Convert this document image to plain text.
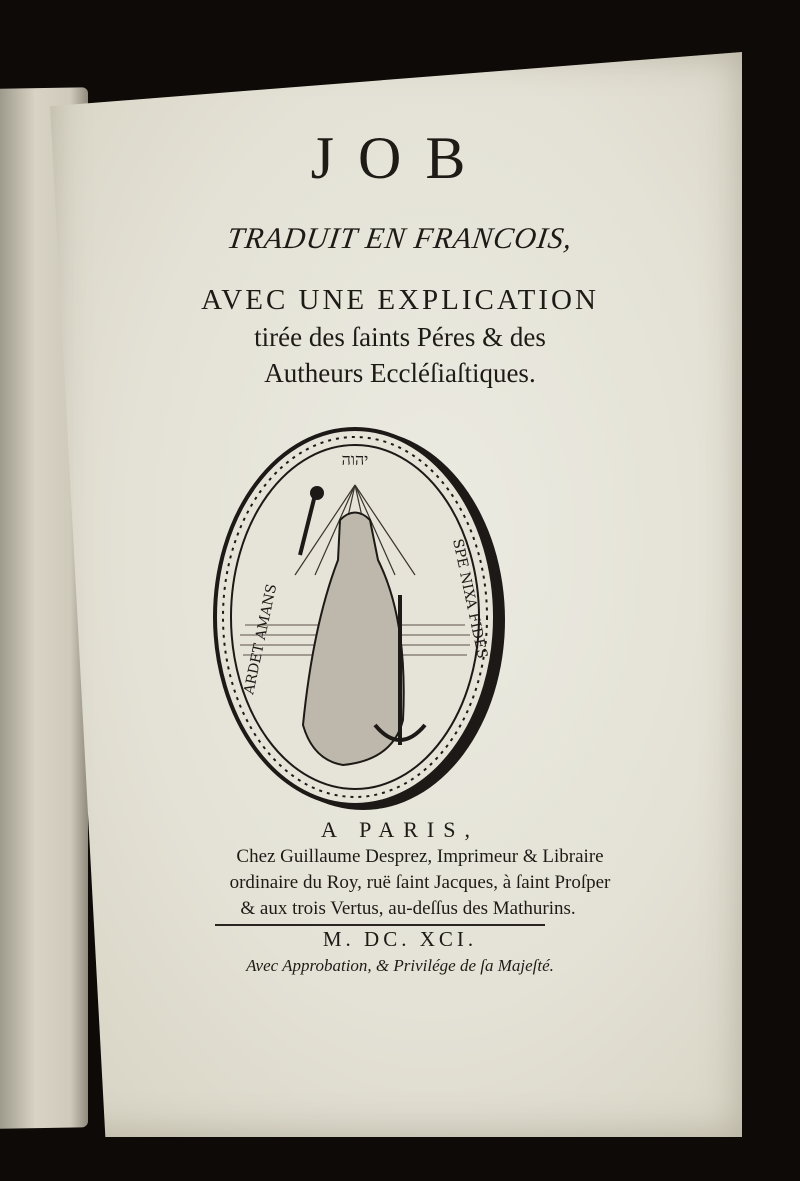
JOB
TRADUIT EN FRANCOIS,
AVEC UNE EXPLICATION
tirée des ſaints Péres & des
Autheurs Eccléſiaſtiques.
יהוה
ARDET AMANS	SPE NIXA FIDES
A PARIS,
Chez Guillaume Desprez, Imprimeur & Libraire
ordinaire du Roy, ruë ſaint Jacques, à ſaint Proſper
& aux trois Vertus, au-deſſus des Mathurins.
M. DC. XCI.
Avec Approbation, & Privilége de ſa Majeſté.
